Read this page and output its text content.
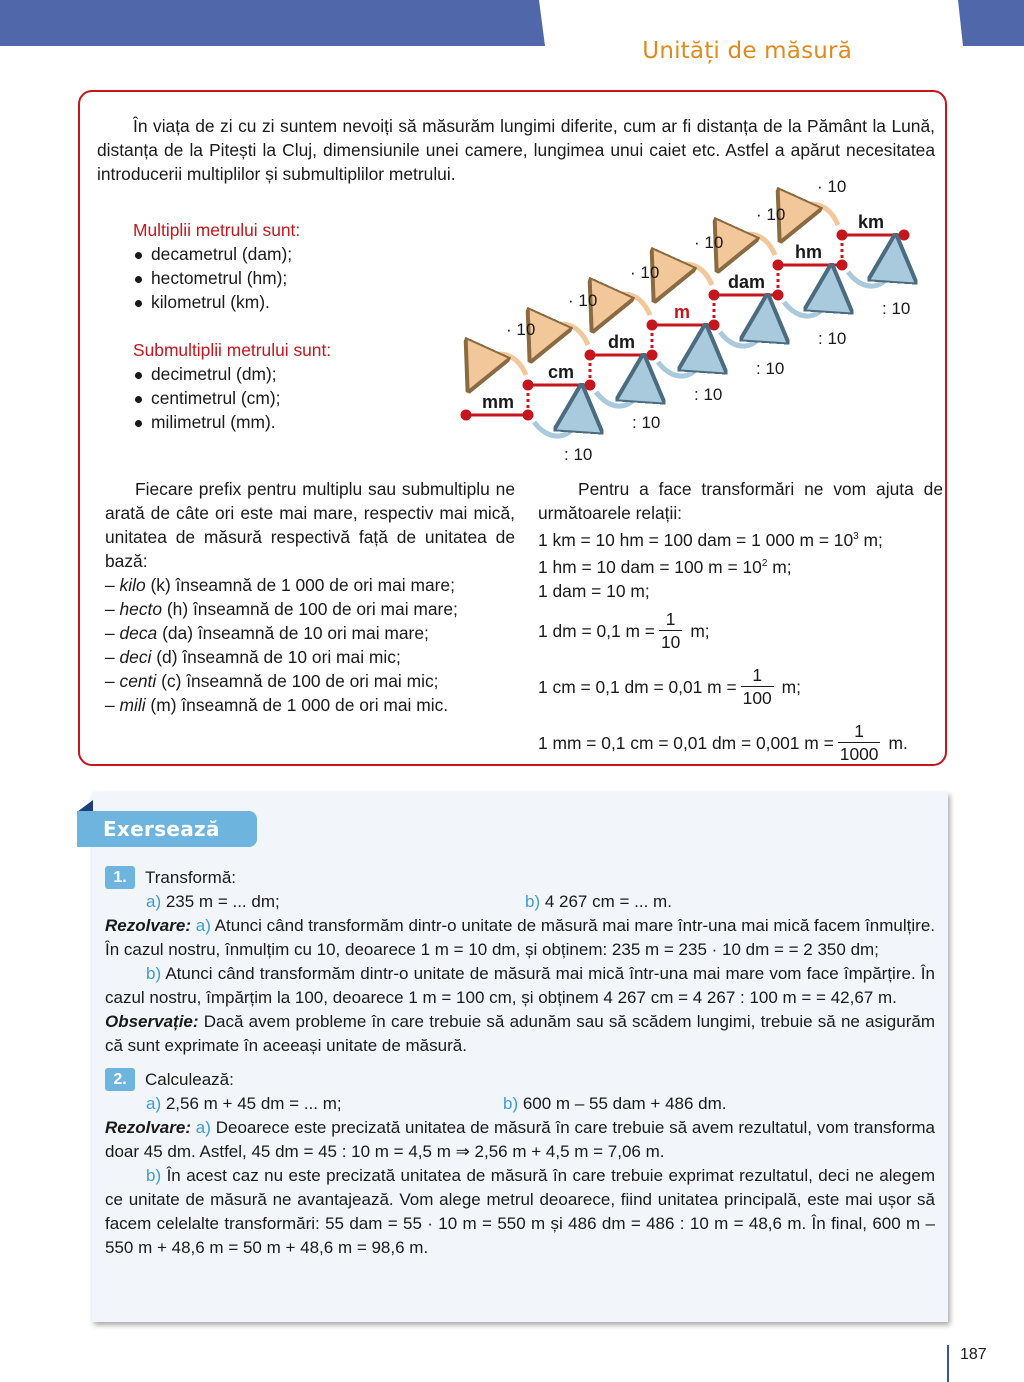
Unități de măsură

În viața de zi cu zi suntem nevoiți să măsurăm lungimi diferite, cum ar fi distanța de la Pământ la Lună, distanța de la Pitești la Cluj, dimensiunile unei camere, lungimea unui caiet etc. Astfel a apărut necesitatea introducerii multiplilor și submultiplilor metrului.

Multiplii metrului sunt:
decametrul (dam);
hectometrul (hm);
kilometrul (km).
Submultiplii metrului sunt:
decimetrul (dm);
centimetrul (cm);
milimetrul (mm).
mm
cm
dm
m
dam
hm
km
· 10
· 10
· 10
· 10
· 10
· 10
: 10
: 10
: 10
: 10
: 10
: 10

Fiecare prefix pentru multiplu sau submultiplu ne arată de câte ori este mai mare, respectiv mai mică, unitatea de măsură respectivă față de unitatea de bază:

– kilo (k) înseamnă de 1 000 de ori mai mare;
– hecto (h) înseamnă de 100 de ori mai mare;
– deca (da) înseamnă de 10 ori mai mare;
– deci (d) înseamnă de 10 ori mai mic;
– centi (c) înseamnă de 100 de ori mai mic;
– mili (m) înseamnă de 1 000 de ori mai mic.

Pentru a face transformări ne vom ajuta de următoarele relații:

1 km = 10 hm = 100 dam = 1 000 $m = 10^3$ m;
1 hm = 10 dam = 100 $m = 10^2$ m;
1 dam = 10 m;
1 dm = 0,1 $m = \frac{1}{10} m$;
1 cm = 0,1 dm = 0,01 $m = \frac{1}{100} m$;
1 mm = 0,1 cm = 0,01 dm = 0,001 $m = \frac{1}{1000} m$.
Exersează
1. Transformă:
a) 235 m = ... dm;	b) 4 267 cm = ... m.

Rezolvare: a) Atunci când transformăm dintr-o unitate de măsură mai mare într-una mai mică facem înmulțire. În cazul nostru, înmulțim cu 10, deoarece 1 m = 10 dm, și obținem: 235 m = 235 · 10 dm = = 2 350 dm;

b) Atunci când transformăm dintr-o unitate de măsură mai mică într-una mai mare vom face împărțire. În cazul nostru, împărțim la 100, deoarece 1 m = 100 cm, și obținem 4 267 cm = 4 267 : 100 m = = 42,67 m.

Observație: Dacă avem probleme în care trebuie să adunăm sau să scădem lungimi, trebuie să ne asigurăm că sunt exprimate în aceeași unitate de măsură.

2. Calculează:
a) 2,56 m + 45 dm = ... m;	b) 600 m – 55 dam + 486 dm.

Rezolvare: a) Deoarece este precizată unitatea de măsură în care trebuie să avem rezultatul, vom transforma doar 45 dm. Astfel, 45 dm = 45 : 10 m = 4,5 m ⇒ 2,56 m + 4,5 m = 7,06 m.

b) În acest caz nu este precizată unitatea de măsură în care trebuie exprimat rezultatul, deci ne alegem ce unitate de măsură ne avantajează. Vom alege metrul deoarece, fiind unitatea principală, este mai ușor să facem celelalte transformări: 55 dam = 55 · 10 m = 550 m și 486 dm = 486 : 10 m = 48,6 m. În final, 600 m – 550 m + 48,6 m = 50 m + 48,6 m = 98,6 m.

187
